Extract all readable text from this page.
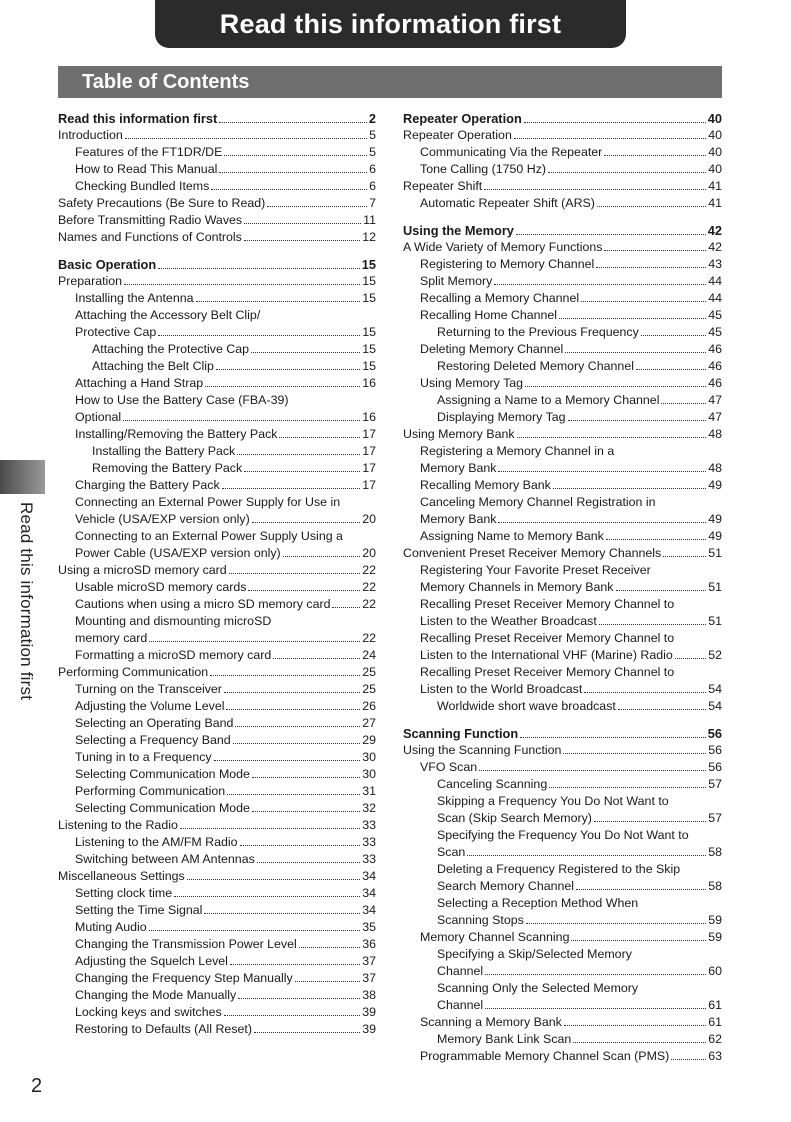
Read this information first
Table of Contents
Read this information first
Read this information first	2
Introduction	5
Features of the FT1DR/DE	5
How to Read This Manual	6
Checking Bundled Items	6
Safety Precautions (Be Sure to Read)	7
Before Transmitting Radio Waves	11
Names and Functions of Controls	12
Basic Operation	15
Preparation	15
Installing the Antenna	15
Attaching the Accessory Belt Clip/
Protective Cap	15
Attaching the Protective Cap	15
Attaching the Belt Clip	15
Attaching a Hand Strap	16
How to Use the Battery Case (FBA-39)
Optional	16
Installing/Removing the Battery Pack	17
Installing the Battery Pack	17
Removing the Battery Pack	17
Charging the Battery Pack	17
Connecting an External Power Supply for Use in
Vehicle (USA/EXP version only)	20
Connecting to an External Power Supply Using a
Power Cable (USA/EXP version only)	20
Using a microSD memory card	22
Usable microSD memory cards	22
Cautions when using a micro SD memory card	22
Mounting and dismounting microSD
memory card	22
Formatting a microSD memory card	24
Performing Communication	25
Turning on the Transceiver	25
Adjusting the Volume Level	26
Selecting an Operating Band	27
Selecting a Frequency Band	29
Tuning in to a Frequency	30
Selecting Communication Mode	30
Performing Communication	31
Selecting Communication Mode	32
Listening to the Radio	33
Listening to the AM/FM Radio	33
Switching between AM Antennas	33
Miscellaneous Settings	34
Setting clock time	34
Setting the Time Signal	34
Muting Audio	35
Changing the Transmission Power Level	36
Adjusting the Squelch Level	37
Changing the Frequency Step Manually	37
Changing the Mode Manually	38
Locking keys and switches	39
Restoring to Defaults (All Reset)	39
Repeater Operation	40
Repeater Operation	40
Communicating Via the Repeater	40
Tone Calling (1750 Hz)	40
Repeater Shift	41
Automatic Repeater Shift (ARS)	41
Using the Memory	42
A Wide Variety of Memory Functions	42
Registering to Memory Channel	43
Split Memory	44
Recalling a Memory Channel	44
Recalling Home Channel	45
Returning to the Previous Frequency	45
Deleting Memory Channel	46
Restoring Deleted Memory Channel	46
Using Memory Tag	46
Assigning a Name to a Memory Channel	47
Displaying Memory Tag	47
Using Memory Bank	48
Registering a Memory Channel in a
Memory Bank	48
Recalling Memory Bank	49
Canceling Memory Channel Registration in
Memory Bank	49
Assigning Name to Memory Bank	49
Convenient Preset Receiver Memory Channels	51
Registering Your Favorite Preset Receiver
Memory Channels in Memory Bank	51
Recalling Preset Receiver Memory Channel to
Listen to the Weather Broadcast	51
Recalling Preset Receiver Memory Channel to
Listen to the International VHF (Marine) Radio	52
Recalling Preset Receiver Memory Channel to
Listen to the World Broadcast	54
Worldwide short wave broadcast	54
Scanning Function	56
Using the Scanning Function	56
VFO Scan	56
Canceling Scanning	57
Skipping a Frequency You Do Not Want to
Scan (Skip Search Memory)	57
Specifying the Frequency You Do Not Want to
Scan	58
Deleting a Frequency Registered to the Skip
Search Memory Channel	58
Selecting a Reception Method When
Scanning Stops	59
Memory Channel Scanning	59
Specifying a Skip/Selected Memory
Channel	60
Scanning Only the Selected Memory
Channel	61
Scanning a Memory Bank	61
Memory Bank Link Scan	62
Programmable Memory Channel Scan (PMS)	63
2
